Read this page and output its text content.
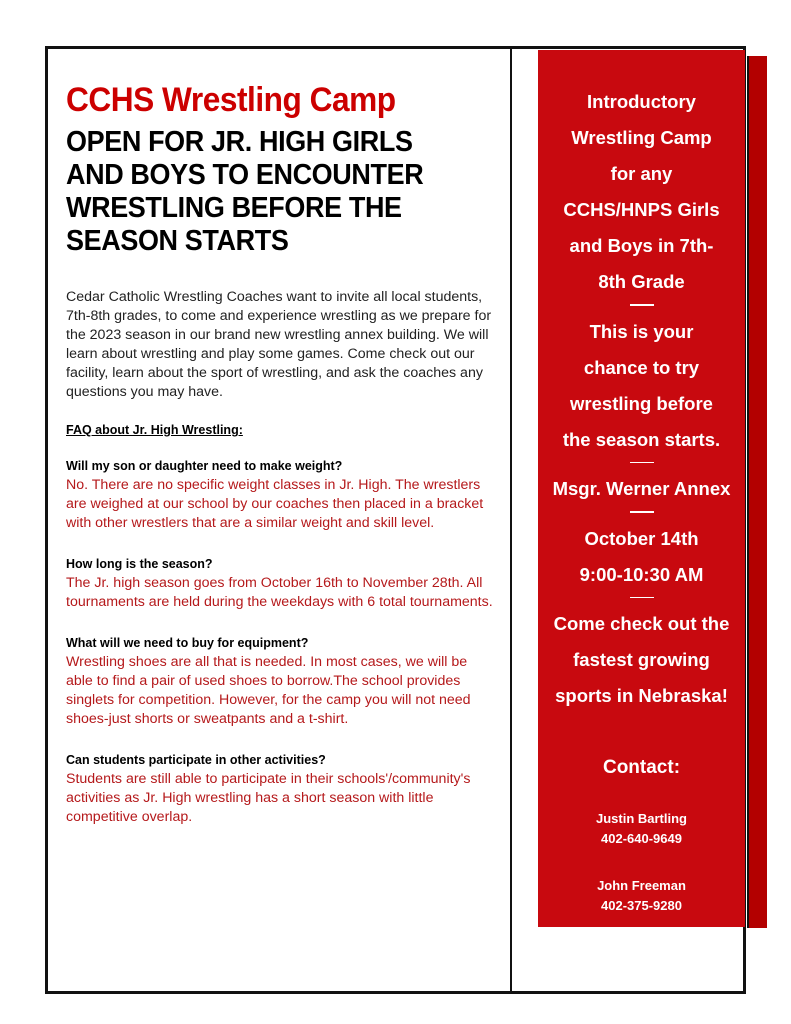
CCHS Wrestling Camp
OPEN FOR JR. HIGH GIRLS AND BOYS TO ENCOUNTER WRESTLING BEFORE THE SEASON STARTS

Cedar Catholic Wrestling Coaches want to invite all local students, 7th-8th grades, to come and experience wrestling as we prepare for the 2023 season in our brand new wrestling annex building. We will learn about wrestling and play some games. Come check out our facility, learn about the sport of wrestling, and ask the coaches any questions you may have.

FAQ about Jr. High Wrestling:

Will my son or daughter need to make weight?

No. There are no specific weight classes in Jr. High. The wrestlers are weighed at our school by our coaches then placed in a bracket with other wrestlers that are a similar weight and skill level.

How long is the season?

The Jr. high season goes from October 16th to November 28th. All tournaments are held during the weekdays with 6 total tournaments.

What will we need to buy for equipment?

Wrestling shoes are all that is needed. In most cases, we will be able to find a pair of used shoes to borrow.The school provides singlets for competition. However, for the camp you will not need shoes-just shorts or sweatpants and a t-shirt.

Can students participate in other activities?

Students are still able to participate in their schools'/community's activities as Jr. High wrestling has a short season with little competitive overlap.

Introductory Wrestling Camp for any CCHS/HNPS Girls and Boys in 7th-8th Grade
This is your chance to try wrestling before the season starts.
Msgr. Werner Annex
October 14th
9:00-10:30 AM
Come check out the fastest growing sports in Nebraska!
Contact:
Justin Bartling
402-640-9649
John Freeman
402-375-9280
